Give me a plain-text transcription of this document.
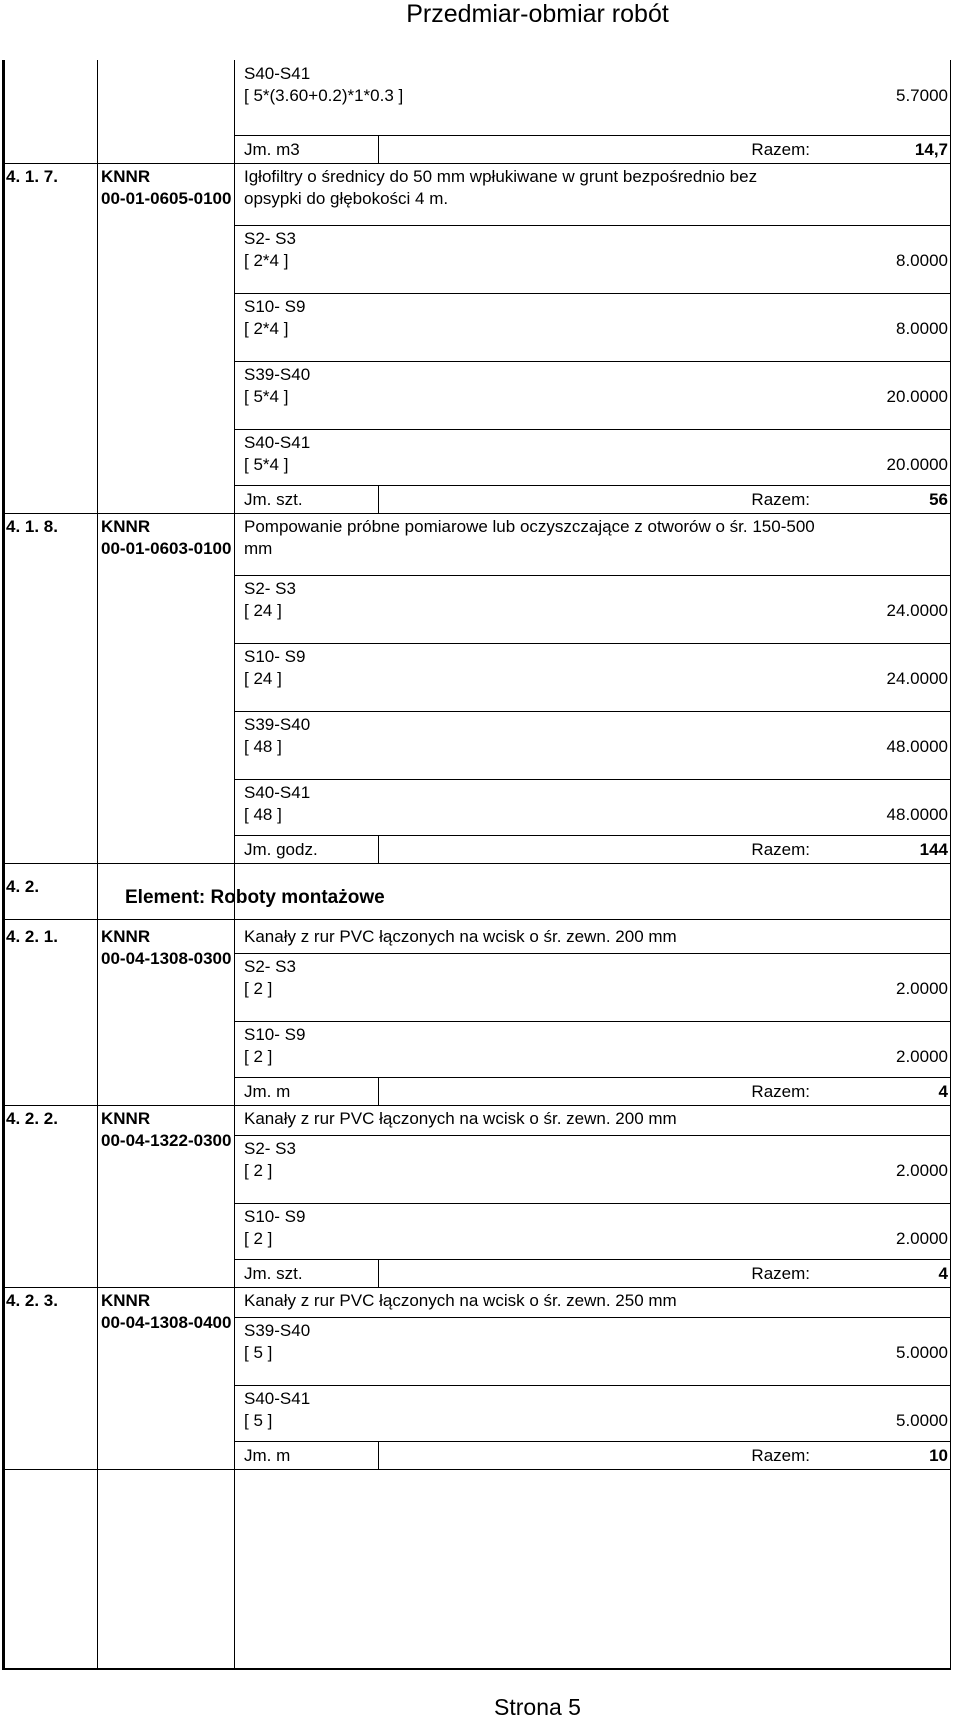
Przedmiar-obmiar robót
Strona 5
S40-S41
[ 5*(3.60+0.2)*1*0.3 ]	5.7000
Jm. m3	Razem:	14,7
4. 1. 7.	KNNR
00-01-0605-0100
Igłofiltry o średnicy do 50 mm wpłukiwane w grunt bezpośrednio bez
opsypki do głębokości 4 m.
S2- S3
[ 2*4 ]	8.0000
S10- S9
[ 2*4 ]	8.0000
S39-S40
[ 5*4 ]	20.0000
S40-S41
[ 5*4 ]	20.0000
Jm. szt.	Razem:	56
4. 1. 8.	KNNR
00-01-0603-0100
Pompowanie próbne pomiarowe lub oczyszczające z otworów o śr. 150-500
mm
S2- S3
[ 24 ]	24.0000
S10- S9
[ 24 ]	24.0000
S39-S40
[ 48 ]	48.0000
S40-S41
[ 48 ]	48.0000
Jm. godz.	Razem:	144
4. 2.
Element: Roboty montażowe
4. 2. 1.	KNNR
00-04-1308-0300
Kanały z rur PVC łączonych na wcisk o śr. zewn. 200 mm
S2- S3
[ 2 ]	2.0000
S10- S9
[ 2 ]	2.0000
Jm. m	Razem:	4
4. 2. 2.	KNNR
00-04-1322-0300
Kanały z rur PVC łączonych na wcisk o śr. zewn. 200 mm
S2- S3
[ 2 ]	2.0000
S10- S9
[ 2 ]	2.0000
Jm. szt.	Razem:	4
4. 2. 3.	KNNR
00-04-1308-0400
Kanały z rur PVC łączonych na wcisk o śr. zewn. 250 mm
S39-S40
[ 5 ]	5.0000
S40-S41
[ 5 ]	5.0000
Jm. m	Razem:	10
